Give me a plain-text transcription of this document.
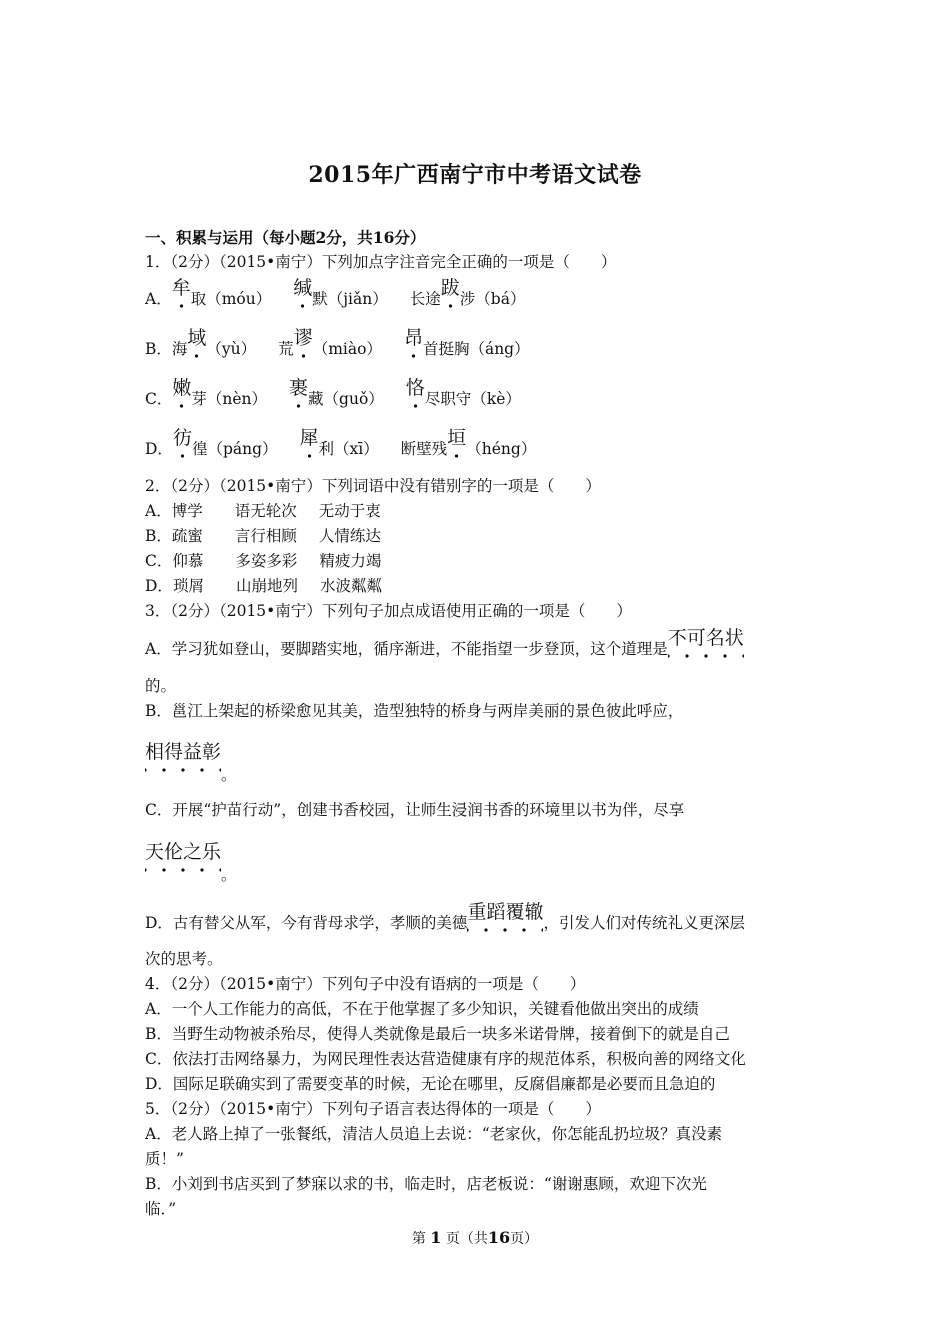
2015年广西南宁市中考语文试卷
一、积累与运用（每小题2分，共16分）
1．（2分）（2015•南宁）下列加点字注音完全正确的一项是（　　）
A．牟取（móu） 缄默（jiǎn） 长途跋涉（bá）
B．海域（yù） 荒谬（miào） 昂首挺胸（áng）
C．嫩芽（nèn） 裹藏（guǒ） 恪尽职守（kè）
D．彷徨（páng） 犀利（xī） 断壁残垣（héng）
2．（2分）（2015•南宁）下列词语中没有错别字的一项是（　　）
A．博学 语无轮次 无动于衷
B．疏蜜 言行相顾 人情练达
C．仰慕 多姿多彩 精疲力竭
D．琐屑 山崩地列 水波粼粼
3．（2分）（2015•南宁）下列句子加点成语使用正确的一项是（　　）
A．学习犹如登山，要脚踏实地，循序渐进，不能指望一步登顶，这个道理是不可名状
的。
B．邕江上架起的桥梁愈见其美，造型独特的桥身与两岸美丽的景色彼此呼应，
相得益彰。
C．开展“护苗行动”，创建书香校园，让师生浸润书香的环境里以书为伴，尽享
天伦之乐。
D．古有替父从军，今有背母求学，孝顺的美德重蹈覆辙，引发人们对传统礼义更深层
次的思考。
4．（2分）（2015•南宁）下列句子中没有语病的一项是（　　）
A．一个人工作能力的高低，不在于他掌握了多少知识，关键看他做出突出的成绩
B．当野生动物被杀殆尽，使得人类就像是最后一块多米诺骨牌，接着倒下的就是自己
C．依法打击网络暴力，为网民理性表达营造健康有序的规范体系，积极向善的网络文化
D．国际足联确实到了需要变革的时候，无论在哪里，反腐倡廉都是必要而且急迫的
5．（2分）（2015•南宁）下列句子语言表达得体的一项是（　　）
A．老人路上掉了一张餐纸，清洁人员追上去说：“老家伙，你怎能乱扔垃圾？真没素
质！”
B．小刘到书店买到了梦寐以求的书，临走时，店老板说：“谢谢惠顾，欢迎下次光
临．”
第 1 页（共16页）
